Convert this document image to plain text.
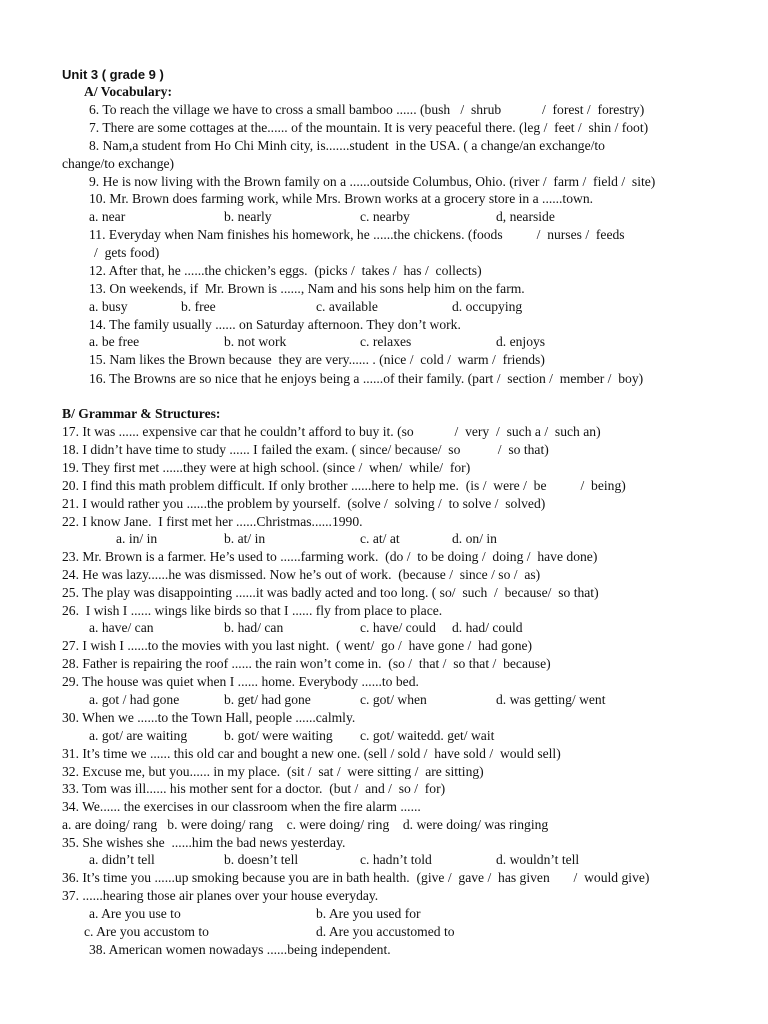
Unit 3 ( grade 9 )
A/ Vocabulary:
6. To reach the village we have to cross a small bamboo ...... (bush   /  shrub            /  forest /  forestry)
7. There are some cottages at the...... of the mountain. It is very peaceful there. (leg /  feet /  shin / foot)
8. Nam,a student from Ho Chi Minh city, is.......student  in the USA. ( a change/an exchange/to
change/to exchange)
9. He is now living with the Brown family on a ......outside Columbus, Ohio. (river /  farm /  field /  site)
10. Mr. Brown does farming work, while Mrs. Brown works at a grocery store in a ......town.
a. near	b. nearly	c. nearby	d, nearside
11. Everyday when Nam finishes his homework, he ......the chickens. (foods          /  nurses /  feeds
/  gets food)
12. After that, he ......the chicken’s eggs.  (picks /  takes /  has /  collects)
13. On weekends, if  Mr. Brown is ......, Nam and his sons help him on the farm.
a. busy	b. free	c. available	d. occupying
14. The family usually ...... on Saturday afternoon. They don’t work.
a. be free	b. not work	c. relaxes	d. enjoys
15. Nam likes the Brown because  they are very...... . (nice /  cold /  warm /  friends)
16. The Browns are so nice that he enjoys being a ......of their family. (part /  section /  member /  boy)
B/ Grammar & Structures:
17. It was ...... expensive car that he couldn’t afford to buy it. (so            /  very  /  such a /  such an)
18. I didn’t have time to study ...... I failed the exam. ( since/ because/  so           /  so that)
19. They first met ......they were at high school. (since /  when/  while/  for)
20. I find this math problem difficult. If only brother ......here to help me.  (is /  were /  be          /  being)
21. I would rather you ......the problem by yourself.  (solve /  solving /  to solve /  solved)
22. I know Jane.  I first met her ......Christmas......1990.
a. in/ in	b. at/ in	c. at/ at	d. on/ in
23. Mr. Brown is a farmer. He’s used to ......farming work.  (do /  to be doing /  doing /  have done)
24. He was lazy......he was dismissed. Now he’s out of work.  (because /  since / so /  as)
25. The play was disappointing ......it was badly acted and too long. ( so/  such  /  because/  so that)
26.  I wish I ...... wings like birds so that I ...... fly from place to place.
a. have/ can	b. had/ can	c. have/ could d. had/ could
27. I wish I ......to the movies with you last night.  ( went/  go /  have gone /  had gone)
28. Father is repairing the roof ...... the rain won’t come in.  (so /  that /  so that /  because)
29. The house was quiet when I ...... home. Everybody ......to bed.
a. got / had gone	b. get/ had gone	c. got/ when	d. was getting/ went
30. When we ......to the Town Hall, people ......calmly.
a. got/ are waiting	b. got/ were waiting c. got/ waitedd. get/ wait
31. It’s time we ...... this old car and bought a new one. (sell / sold /  have sold /  would sell)
32. Excuse me, but you...... in my place.  (sit /  sat /  were sitting /  are sitting)
33. Tom was ill...... his mother sent for a doctor.  (but /  and /  so /  for)
34. We...... the exercises in our classroom when the fire alarm ......
a. are doing/ rang   b. were doing/ rang    c. were doing/ ring    d. were doing/ was ringing
35. She wishes she  ......him the bad news yesterday.
a. didn’t tell	b. doesn’t tell	c. hadn’t told	d. wouldn’t tell
36. It’s time you ......up smoking because you are in bath health.  (give /  gave /  has given       /  would give)
37. ......hearing those air planes over your house everyday.
a. Are you use to	b. Are you used for
c. Are you accustom to	d. Are you accustomed to
38. American women nowadays ......being independent.
